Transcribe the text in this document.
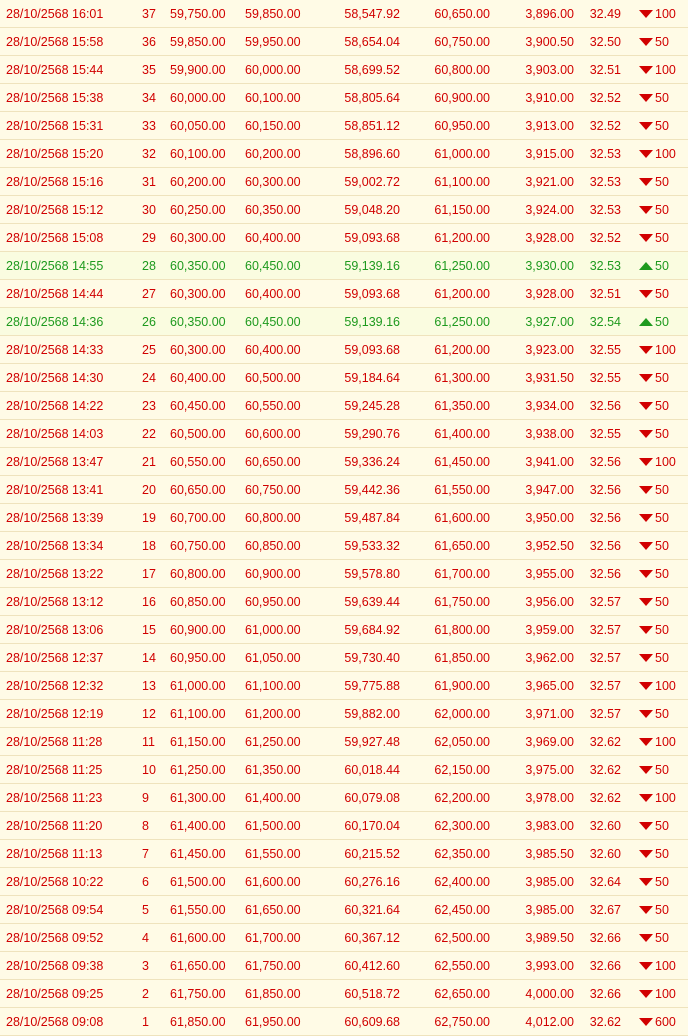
28/10/2568 16:01	37	59,750.00	59,850.00	58,547.92	60,650.00	3,896.00	32.49	100

28/10/2568 15:58	36	59,850.00	59,950.00	58,654.04	60,750.00	3,900.50	32.50	50

28/10/2568 15:44	35	59,900.00	60,000.00	58,699.52	60,800.00	3,903.00	32.51	100

28/10/2568 15:38	34	60,000.00	60,100.00	58,805.64	60,900.00	3,910.00	32.52	50

28/10/2568 15:31	33	60,050.00	60,150.00	58,851.12	60,950.00	3,913.00	32.52	50

28/10/2568 15:20	32	60,100.00	60,200.00	58,896.60	61,000.00	3,915.00	32.53	100

28/10/2568 15:16	31	60,200.00	60,300.00	59,002.72	61,100.00	3,921.00	32.53	50

28/10/2568 15:12	30	60,250.00	60,350.00	59,048.20	61,150.00	3,924.00	32.53	50

28/10/2568 15:08	29	60,300.00	60,400.00	59,093.68	61,200.00	3,928.00	32.52	50

28/10/2568 14:55	28	60,350.00	60,450.00	59,139.16	61,250.00	3,930.00	32.53	50

28/10/2568 14:44	27	60,300.00	60,400.00	59,093.68	61,200.00	3,928.00	32.51	50

28/10/2568 14:36	26	60,350.00	60,450.00	59,139.16	61,250.00	3,927.00	32.54	50

28/10/2568 14:33	25	60,300.00	60,400.00	59,093.68	61,200.00	3,923.00	32.55	100

28/10/2568 14:30	24	60,400.00	60,500.00	59,184.64	61,300.00	3,931.50	32.55	50

28/10/2568 14:22	23	60,450.00	60,550.00	59,245.28	61,350.00	3,934.00	32.56	50

28/10/2568 14:03	22	60,500.00	60,600.00	59,290.76	61,400.00	3,938.00	32.55	50

28/10/2568 13:47	21	60,550.00	60,650.00	59,336.24	61,450.00	3,941.00	32.56	100

28/10/2568 13:41	20	60,650.00	60,750.00	59,442.36	61,550.00	3,947.00	32.56	50

28/10/2568 13:39	19	60,700.00	60,800.00	59,487.84	61,600.00	3,950.00	32.56	50

28/10/2568 13:34	18	60,750.00	60,850.00	59,533.32	61,650.00	3,952.50	32.56	50

28/10/2568 13:22	17	60,800.00	60,900.00	59,578.80	61,700.00	3,955.00	32.56	50

28/10/2568 13:12	16	60,850.00	60,950.00	59,639.44	61,750.00	3,956.00	32.57	50

28/10/2568 13:06	15	60,900.00	61,000.00	59,684.92	61,800.00	3,959.00	32.57	50

28/10/2568 12:37	14	60,950.00	61,050.00	59,730.40	61,850.00	3,962.00	32.57	50

28/10/2568 12:32	13	61,000.00	61,100.00	59,775.88	61,900.00	3,965.00	32.57	100

28/10/2568 12:19	12	61,100.00	61,200.00	59,882.00	62,000.00	3,971.00	32.57	50

28/10/2568 11:28	11	61,150.00	61,250.00	59,927.48	62,050.00	3,969.00	32.62	100

28/10/2568 11:25	10	61,250.00	61,350.00	60,018.44	62,150.00	3,975.00	32.62	50

28/10/2568 11:23	9	61,300.00	61,400.00	60,079.08	62,200.00	3,978.00	32.62	100

28/10/2568 11:20	8	61,400.00	61,500.00	60,170.04	62,300.00	3,983.00	32.60	50

28/10/2568 11:13	7	61,450.00	61,550.00	60,215.52	62,350.00	3,985.50	32.60	50

28/10/2568 10:22	6	61,500.00	61,600.00	60,276.16	62,400.00	3,985.00	32.64	50

28/10/2568 09:54	5	61,550.00	61,650.00	60,321.64	62,450.00	3,985.00	32.67	50

28/10/2568 09:52	4	61,600.00	61,700.00	60,367.12	62,500.00	3,989.50	32.66	50

28/10/2568 09:38	3	61,650.00	61,750.00	60,412.60	62,550.00	3,993.00	32.66	100

28/10/2568 09:25	2	61,750.00	61,850.00	60,518.72	62,650.00	4,000.00	32.66	100

28/10/2568 09:08	1	61,850.00	61,950.00	60,609.68	62,750.00	4,012.00	32.62	600
